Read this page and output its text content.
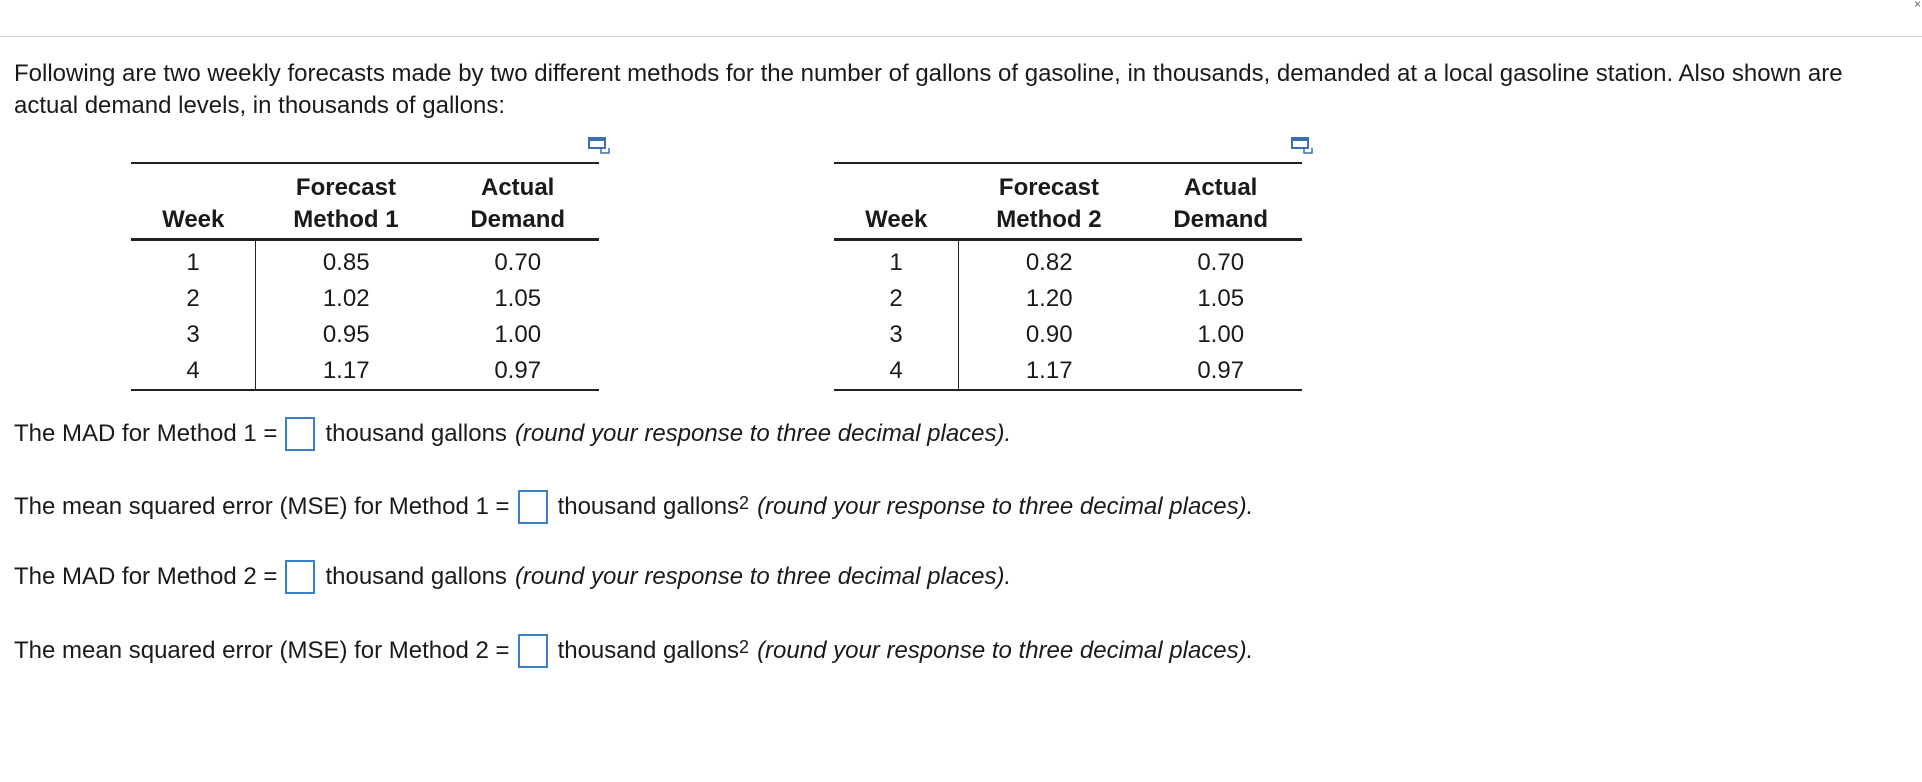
×

Following are two weekly forecasts made by two different methods for the number of gallons of gasoline, in thousands, demanded at a local gasoline station. Also shown are actual demand levels, in thousands of gallons:

	Forecast	Actual
Week	Method 1	Demand
1	0.85	0.70
2	1.02	1.05
3	0.95	1.00
4	1.17	0.97
	Forecast	Actual
Week	Method 2	Demand
1	0.82	0.70
2	1.20	1.05
3	0.90	1.00
4	1.17	0.97
The MAD for Method 1 = thousand gallons (round your response to three decimal places).
The mean squared error (MSE) for Method 1 = thousand gallons$^2$ (round your response to three decimal places).
The MAD for Method 2 = thousand gallons (round your response to three decimal places).
The mean squared error (MSE) for Method 2 = thousand gallons$^2$ (round your response to three decimal places).
